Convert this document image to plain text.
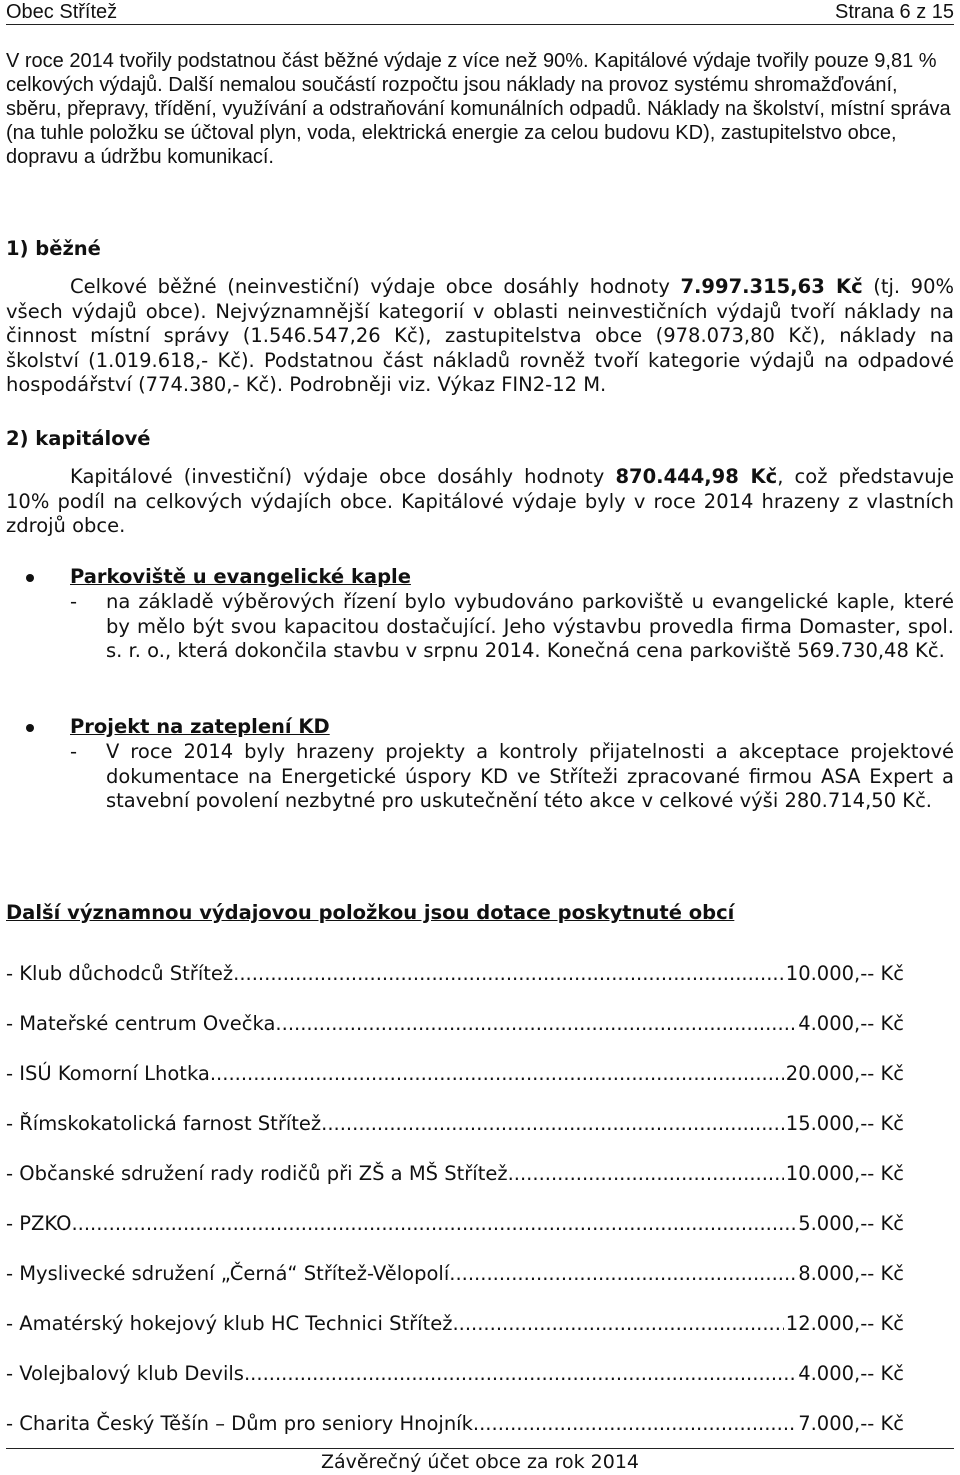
Obec Střítež	Strana 6 z 15

V roce 2014 tvořily podstatnou část běžné výdaje z více než 90%. Kapitálové výdaje tvořily pouze 9,81 % celkových výdajů. Další nemalou součástí rozpočtu jsou náklady na provoz systému shromažďování, sběru, přepravy, třídění, využívání a odstraňování komunálních odpadů. Náklady na školství, místní správa (na tuhle položku se účtoval plyn, voda, elektrická energie za celou budovu KD), zastupitelstvo obce, dopravu a údržbu komunikací.

1) běžné

Celkové běžné (neinvestiční) výdaje obce dosáhly hodnoty 7.997.315,63 Kč (tj. 90% všech výdajů obce). Nejvýznamnější kategorií v oblasti neinvestičních výdajů tvoří náklady na činnost místní správy (1.546.547,26 Kč), zastupitelstva obce (978.073,80 Kč), náklady na školství (1.019.618,- Kč). Podstatnou část nákladů rovněž tvoří kategorie výdajů na odpadové hospodářství (774.380,- Kč). Podrobněji viz. Výkaz FIN2-12 M.

2) kapitálové

Kapitálové (investiční) výdaje obce dosáhly hodnoty 870.444,98 Kč, což představuje 10% podíl na celkových výdajích obce. Kapitálové výdaje byly v roce 2014 hrazeny z vlastních zdrojů obce.

Parkoviště u evangelické kaple
- na základě výběrových řízení bylo vybudováno parkoviště u evangelické kaple, které by mělo být svou kapacitou dostačující. Jeho výstavbu provedla firma Domaster, spol. s. r. o., která dokončila stavbu v srpnu 2014. Konečná cena parkoviště 569.730,48 Kč.
Projekt na zateplení KD
- V roce 2014 byly hrazeny projekty a kontroly přijatelnosti a akceptace projektové dokumentace na Energetické úspory KD ve Stříteži zpracované firmou ASA Expert a stavební povolení nezbytné pro uskutečnění této akce v celkové výši 280.714,50 Kč.
Další významnou výdajovou položkou jsou dotace poskytnuté obcí
- Klub důchodců Střítež .....	10.000,-- Kč
- Mateřské centrum Ovečka .....	4.000,-- Kč
- ISÚ Komorní Lhotka .....	20.000,-- Kč
- Římskokatolická farnost Střítež .....	15.000,-- Kč
- Občanské sdružení rady rodičů při ZŠ a MŠ Střítež .....	10.000,-- Kč
- PZKO .....	5.000,-- Kč
- Myslivecké sdružení „Černá“ Střítež-Vělopolí .....	8.000,-- Kč
- Amatérský hokejový klub HC Technici Střítež .....	12.000,-- Kč
- Volejbalový klub Devils .....	4.000,-- Kč
- Charita Český Těšín – Dům pro seniory Hnojník .....	7.000,-- Kč
Závěrečný účet obce za rok 2014
